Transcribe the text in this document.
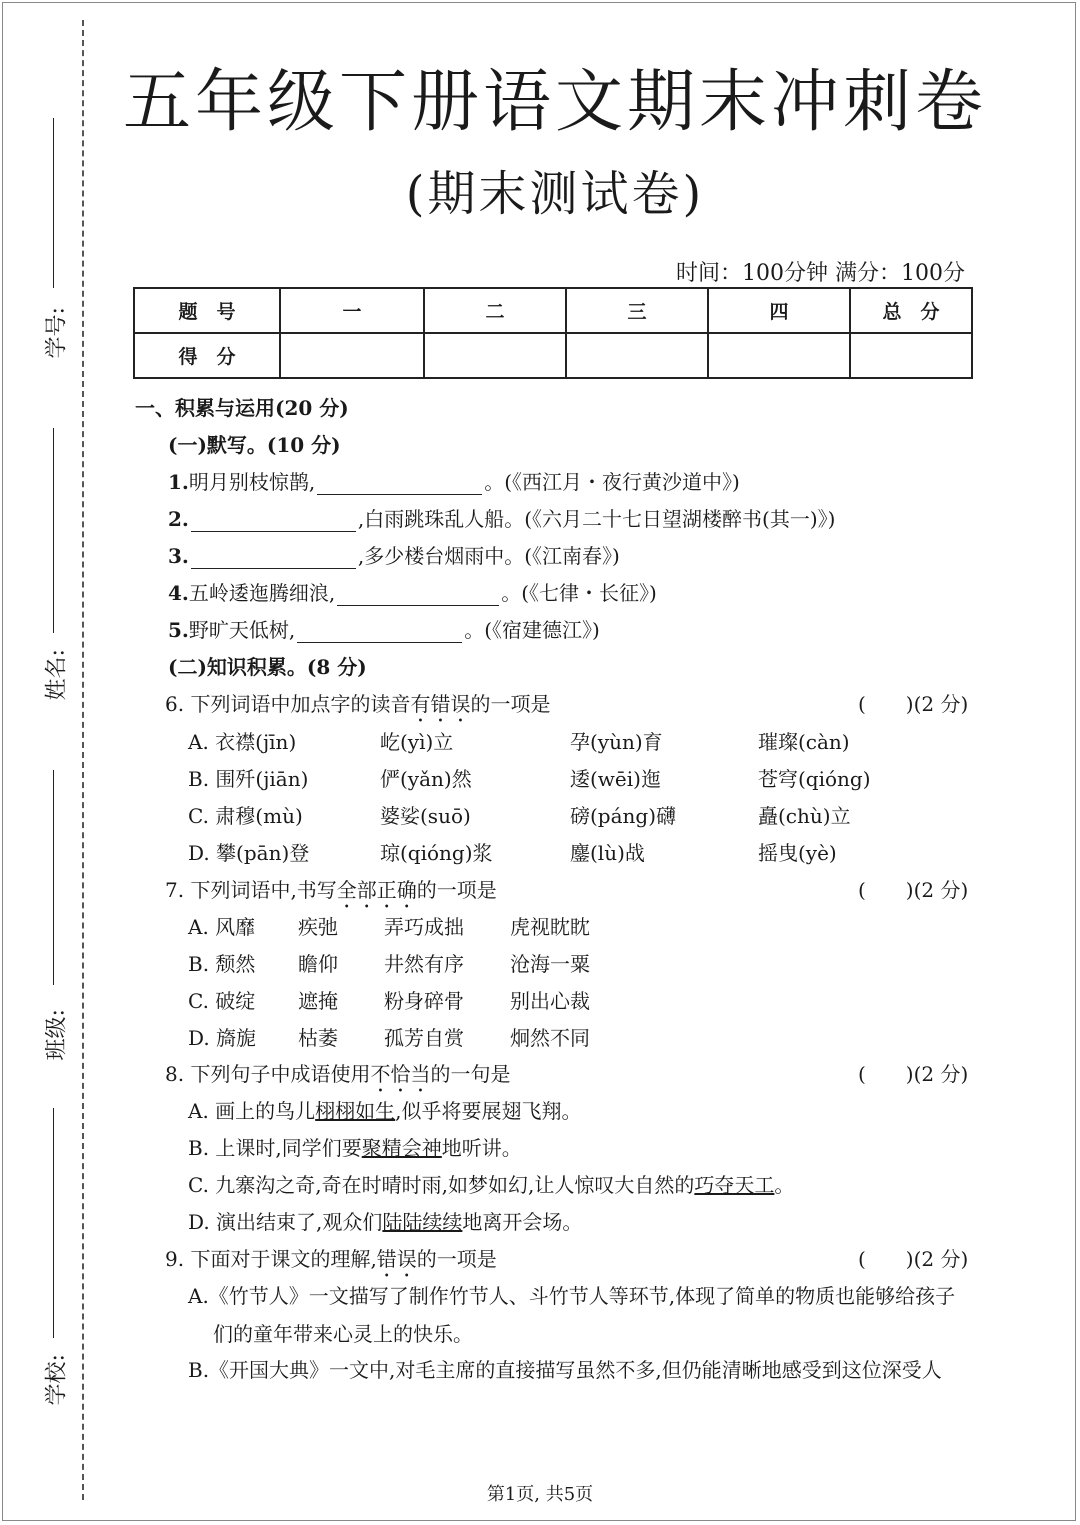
学号:
姓名:
班级:
学校:
五年级下册语文期末冲刺卷
(期末测试卷)
时间：100分钟 满分：100分
题　号	一	二	三	四	总　分
得　分					
一、积累与运用(20 分)
(一)默写。(10 分)
1.明月别枝惊鹊,	。(《西江月・夜行黄沙道中》)
2.	,白雨跳珠乱人船。(《六月二十七日望湖楼醉书(其一)》)
3.	,多少楼台烟雨中。(《江南春》)
4.五岭逶迤腾细浪,	。(《七律・长征》)
5.野旷天低树,	。(《宿建德江》)
(二)知识积累。(8 分)
6. 下列词语中加点字的读音有错误的一项是	(　　)(2 分)
A. 衣襟(jīn)	屹(yì)立	孕(yùn)育	璀璨(càn)
B. 围歼(jiān)	俨(yǎn)然	逶(wēi)迤	苍穹(qióng)
C. 肃穆(mù)	婆娑(suō)	磅(páng)礴	矗(chù)立
D. 攀(pān)登	琼(qióng)浆	鏖(lù)战	摇曳(yè)
7. 下列词语中,书写全部正确的一项是	(　　)(2 分)
A. 风靡 疾弛 弄巧成拙 虎视眈眈
B. 颓然 瞻仰 井然有序 沧海一粟
C. 破绽 遮掩 粉身碎骨 别出心裁
D. 旖旎 枯萎 孤芳自赏 炯然不同
8. 下列句子中成语使用不恰当的一句是	(　　)(2 分)
A. 画上的鸟儿栩栩如生,似乎将要展翅飞翔。
B. 上课时,同学们要聚精会神地听讲。
C. 九寨沟之奇,奇在时晴时雨,如梦如幻,让人惊叹大自然的巧夺天工。
D. 演出结束了,观众们陆陆续续地离开会场。
9. 下面对于课文的理解,错误的一项是	(　　)(2 分)
A.《竹节人》一文描写了制作竹节人、斗竹节人等环节,体现了简单的物质也能够给孩子
们的童年带来心灵上的快乐。
B.《开国大典》一文中,对毛主席的直接描写虽然不多,但仍能清晰地感受到这位深受人
第1页, 共5页
